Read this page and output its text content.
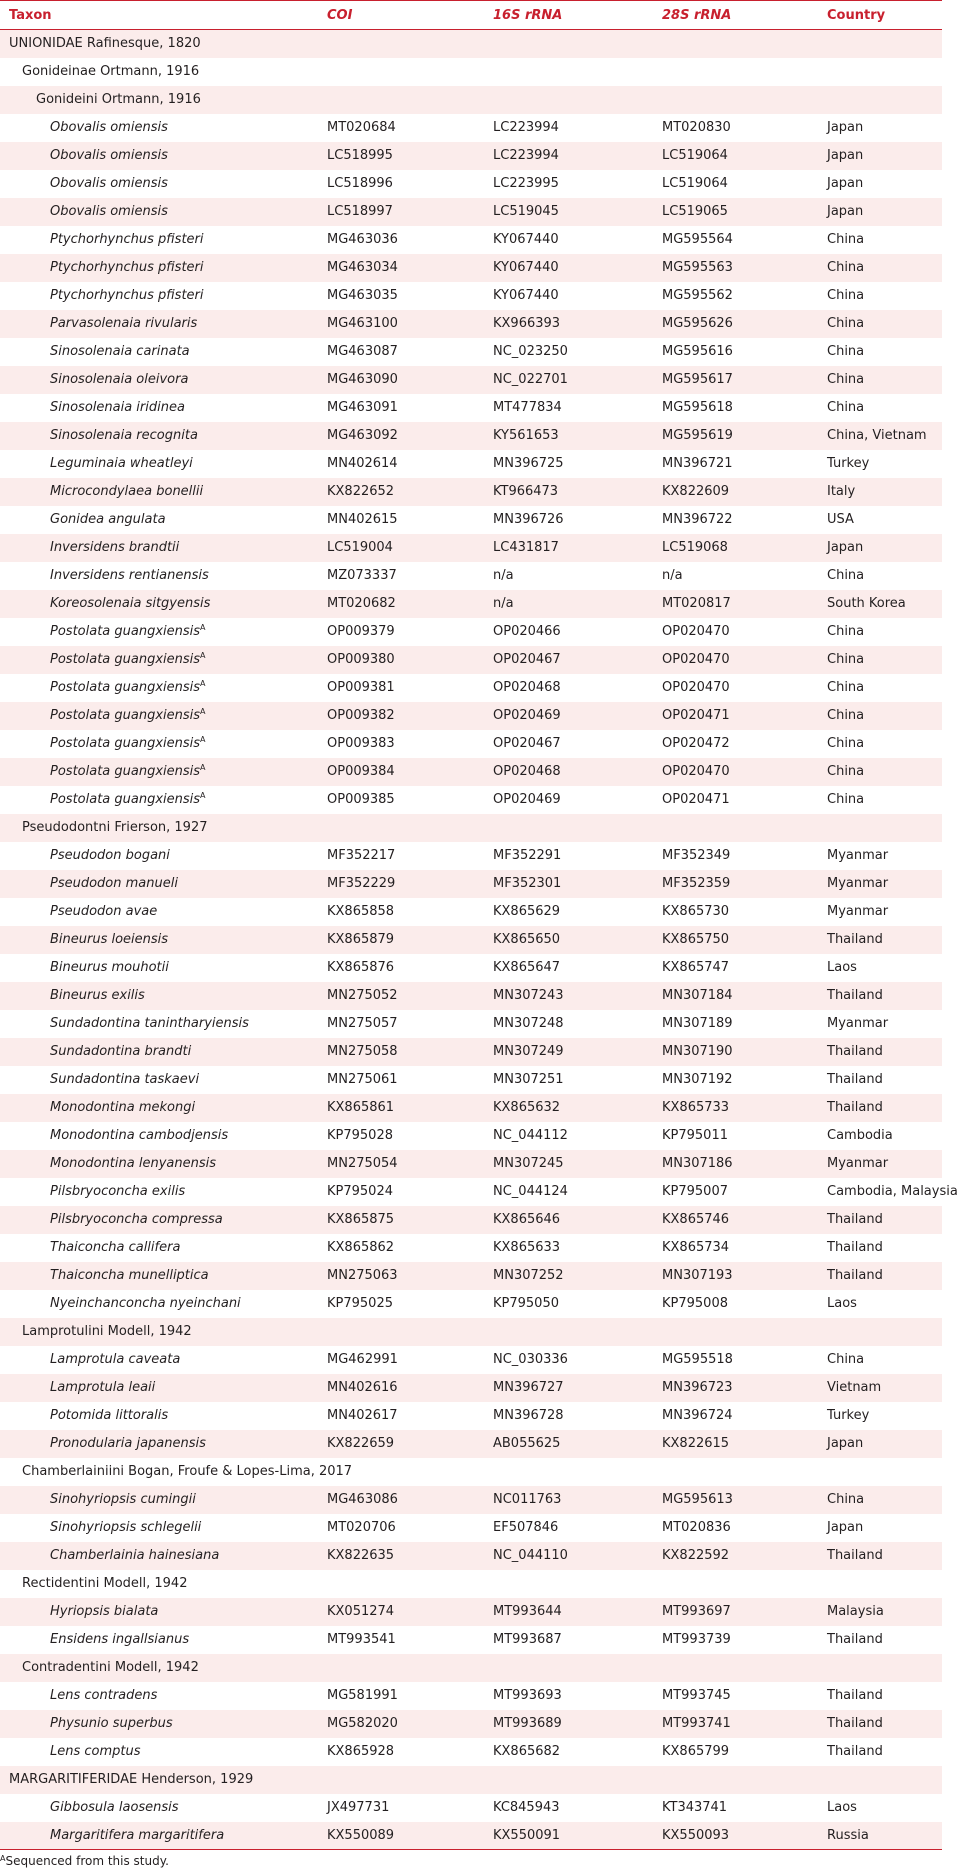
Taxon	COI	16S rRNA	28S rRNA	Country
UNIONIDAE Rafinesque, 1820				
Gonideinae Ortmann, 1916				
Gonideini Ortmann, 1916				
Obovalis omiensis	MT020684	LC223994	MT020830	Japan
Obovalis omiensis	LC518995	LC223994	LC519064	Japan
Obovalis omiensis	LC518996	LC223995	LC519064	Japan
Obovalis omiensis	LC518997	LC519045	LC519065	Japan
Ptychorhynchus pfisteri	MG463036	KY067440	MG595564	China
Ptychorhynchus pfisteri	MG463034	KY067440	MG595563	China
Ptychorhynchus pfisteri	MG463035	KY067440	MG595562	China
Parvasolenaia rivularis	MG463100	KX966393	MG595626	China
Sinosolenaia carinata	MG463087	NC_023250	MG595616	China
Sinosolenaia oleivora	MG463090	NC_022701	MG595617	China
Sinosolenaia iridinea	MG463091	MT477834	MG595618	China
Sinosolenaia recognita	MG463092	KY561653	MG595619	China, Vietnam
Leguminaia wheatleyi	MN402614	MN396725	MN396721	Turkey
Microcondylaea bonellii	KX822652	KT966473	KX822609	Italy
Gonidea angulata	MN402615	MN396726	MN396722	USA
Inversidens brandtii	LC519004	LC431817	LC519068	Japan
Inversidens rentianensis	MZ073337	n/a	n/a	China
Koreosolenaia sitgyensis	MT020682	n/a	MT020817	South Korea
Postolata guangxiensis$^A$	OP009379	OP020466	OP020470	China
Postolata guangxiensis$^A$	OP009380	OP020467	OP020470	China
Postolata guangxiensis$^A$	OP009381	OP020468	OP020470	China
Postolata guangxiensis$^A$	OP009382	OP020469	OP020471	China
Postolata guangxiensis$^A$	OP009383	OP020467	OP020472	China
Postolata guangxiensis$^A$	OP009384	OP020468	OP020470	China
Postolata guangxiensis$^A$	OP009385	OP020469	OP020471	China
Pseudodontni Frierson, 1927				
Pseudodon bogani	MF352217	MF352291	MF352349	Myanmar
Pseudodon manueli	MF352229	MF352301	MF352359	Myanmar
Pseudodon avae	KX865858	KX865629	KX865730	Myanmar
Bineurus loeiensis	KX865879	KX865650	KX865750	Thailand
Bineurus mouhotii	KX865876	KX865647	KX865747	Laos
Bineurus exilis	MN275052	MN307243	MN307184	Thailand
Sundadontina tanintharyiensis	MN275057	MN307248	MN307189	Myanmar
Sundadontina brandti	MN275058	MN307249	MN307190	Thailand
Sundadontina taskaevi	MN275061	MN307251	MN307192	Thailand
Monodontina mekongi	KX865861	KX865632	KX865733	Thailand
Monodontina cambodjensis	KP795028	NC_044112	KP795011	Cambodia
Monodontina lenyanensis	MN275054	MN307245	MN307186	Myanmar
Pilsbryoconcha exilis	KP795024	NC_044124	KP795007	Cambodia, Malaysia
Pilsbryoconcha compressa	KX865875	KX865646	KX865746	Thailand
Thaiconcha callifera	KX865862	KX865633	KX865734	Thailand
Thaiconcha munelliptica	MN275063	MN307252	MN307193	Thailand
Nyeinchanconcha nyeinchani	KP795025	KP795050	KP795008	Laos
Lamprotulini Modell, 1942				
Lamprotula caveata	MG462991	NC_030336	MG595518	China
Lamprotula leaii	MN402616	MN396727	MN396723	Vietnam
Potomida littoralis	MN402617	MN396728	MN396724	Turkey
Pronodularia japanensis	KX822659	AB055625	KX822615	Japan
Chamberlainiini Bogan, Froufe & Lopes-Lima, 2017				
Sinohyriopsis cumingii	MG463086	NC011763	MG595613	China
Sinohyriopsis schlegelii	MT020706	EF507846	MT020836	Japan
Chamberlainia hainesiana	KX822635	NC_044110	KX822592	Thailand
Rectidentini Modell, 1942				
Hyriopsis bialata	KX051274	MT993644	MT993697	Malaysia
Ensidens ingallsianus	MT993541	MT993687	MT993739	Thailand
Contradentini Modell, 1942				
Lens contradens	MG581991	MT993693	MT993745	Thailand
Physunio superbus	MG582020	MT993689	MT993741	Thailand
Lens comptus	KX865928	KX865682	KX865799	Thailand
MARGARITIFERIDAE Henderson, 1929				
Gibbosula laosensis	JX497731	KC845943	KT343741	Laos
Margaritifera margaritifera	KX550089	KX550091	KX550093	Russia
$^A$Sequenced from this study.
